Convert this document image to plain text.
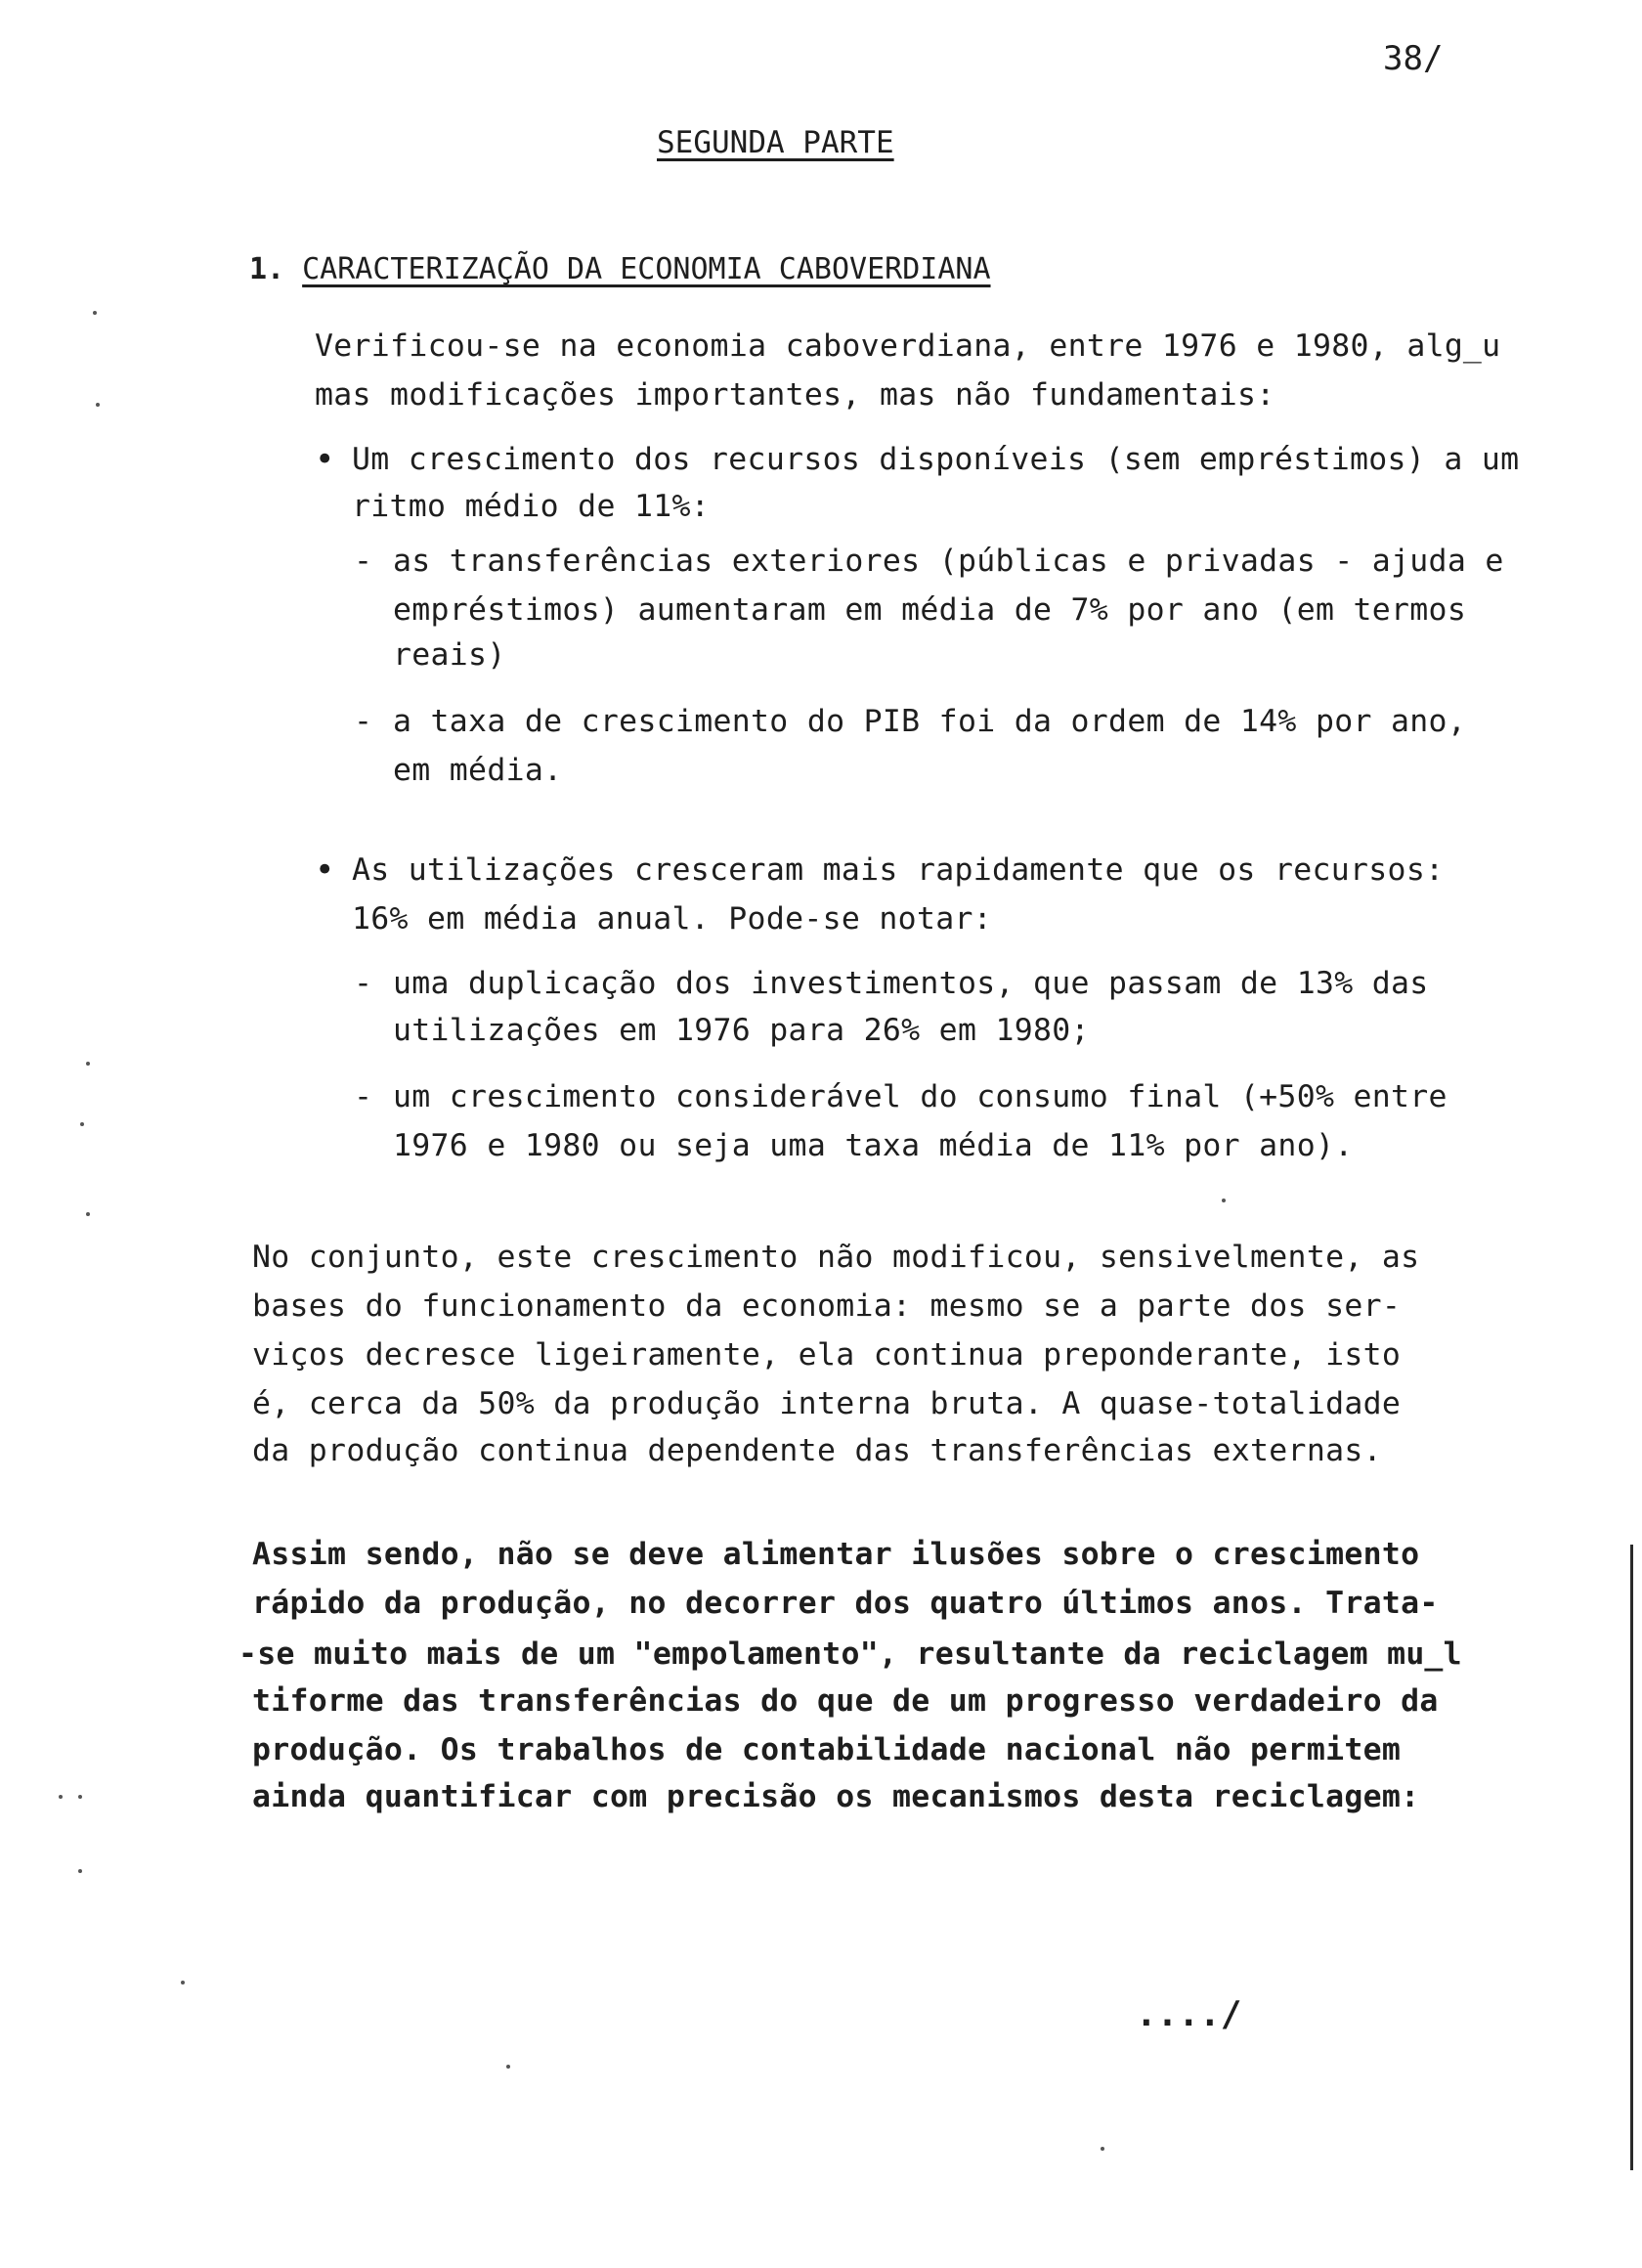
38/
SEGUNDA PARTE
1. CARACTERIZAÇÃO DA ECONOMIA CABOVERDIANA
Verificou-se na economia caboverdiana, entre 1976 e 1980, alg̲u
mas modificações importantes, mas não fundamentais:
• Um crescimento dos recursos disponíveis (sem empréstimos) a um
ritmo médio de 11%:
- as transferências exteriores (públicas e privadas - ajuda e
empréstimos) aumentaram em média de 7% por ano (em termos
reais)
- a taxa de crescimento do PIB foi da ordem de 14% por ano,
em média.
• As utilizações cresceram mais rapidamente que os recursos:
16% em média anual. Pode-se notar:
- uma duplicação dos investimentos, que passam de 13% das
utilizações em 1976 para 26% em 1980;
- um crescimento considerável do consumo final (+50% entre
1976 e 1980 ou seja uma taxa média de 11% por ano).
No conjunto, este crescimento não modificou, sensivelmente, as
bases do funcionamento da economia: mesmo se a parte dos ser-
viços decresce ligeiramente, ela continua preponderante, isto
é, cerca da 50% da produção interna bruta. A quase-totalidade
da produção continua dependente das transferências externas.
Assim sendo, não se deve alimentar ilusões sobre o crescimento
rápido da produção, no decorrer dos quatro últimos anos. Trata-
-se muito mais de um "empolamento", resultante da reciclagem mu̲l
tiforme das transferências do que de um progresso verdadeiro da
produção. Os trabalhos de contabilidade nacional não permitem
ainda quantificar com precisão os mecanismos desta reciclagem:
..../
